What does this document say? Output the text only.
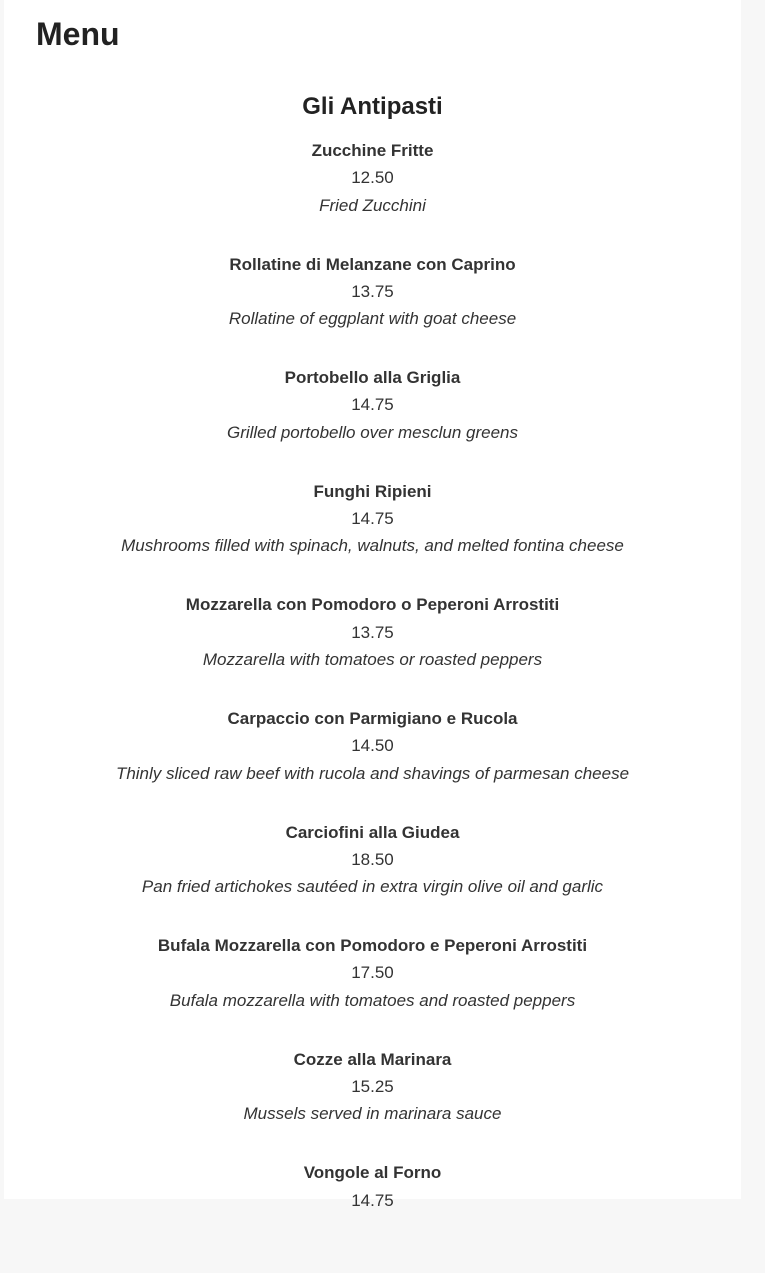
Menu
Gli Antipasti
Zucchine Fritte
12.50
Fried Zucchini
Rollatine di Melanzane con Caprino
13.75
Rollatine of eggplant with goat cheese
Portobello alla Griglia
14.75
Grilled portobello over mesclun greens
Funghi Ripieni
14.75
Mushrooms filled with spinach, walnuts, and melted fontina cheese
Mozzarella con Pomodoro o Peperoni Arrostiti
13.75
Mozzarella with tomatoes or roasted peppers
Carpaccio con Parmigiano e Rucola
14.50
Thinly sliced raw beef with rucola and shavings of parmesan cheese
Carciofini alla Giudea
18.50
Pan fried artichokes sautéed in extra virgin olive oil and garlic
Bufala Mozzarella con Pomodoro e Peperoni Arrostiti
17.50
Bufala mozzarella with tomatoes and roasted peppers
Cozze alla Marinara
15.25
Mussels served in marinara sauce
Vongole al Forno
14.75
